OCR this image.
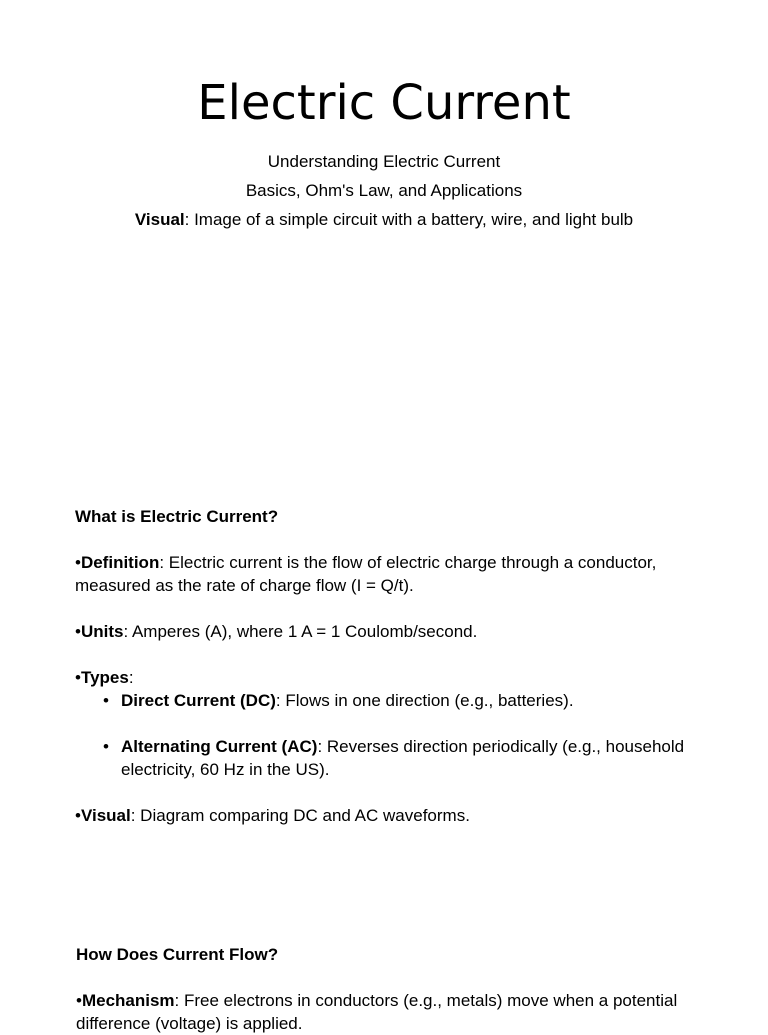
Electric Current
Understanding Electric Current
Basics, Ohm's Law, and Applications
Visual: Image of a simple circuit with a battery, wire, and light bulb
What is Electric Current?
•Definition: Electric current is the flow of electric charge through a conductor, measured as the rate of charge flow (I = Q/t).
•Units: Amperes (A), where 1 A = 1 Coulomb/second.
•Types:
• Direct Current (DC): Flows in one direction (e.g., batteries).
• Alternating Current (AC): Reverses direction periodically (e.g., household electricity, 60 Hz in the US).
•Visual: Diagram comparing DC and AC waveforms.
How Does Current Flow?
•Mechanism: Free electrons in conductors (e.g., metals) move when a potential difference (voltage) is applied.
